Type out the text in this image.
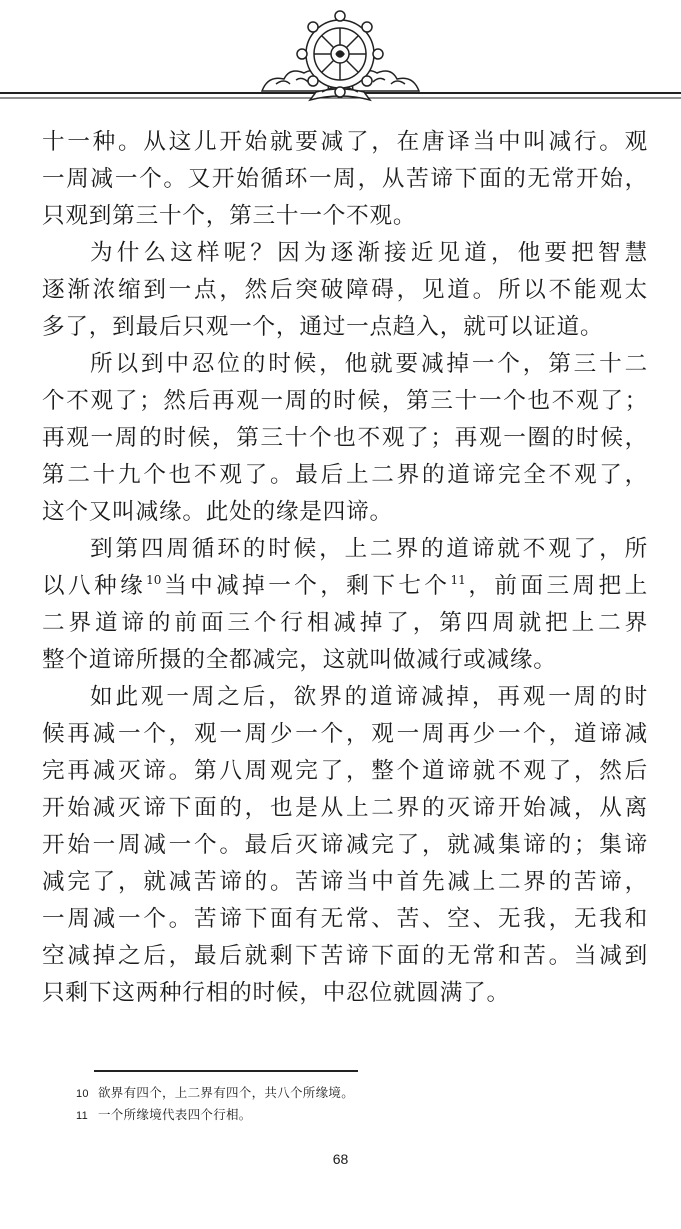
十一种。从这儿开始就要减了，在唐译当中叫减行。观
一周减一个。又开始循环一周，从苦谛下面的无常开始，
只观到第三十个，第三十一个不观。
为什么这样呢？因为逐渐接近见道，他要把智慧
逐渐浓缩到一点，然后突破障碍，见道。所以不能观太
多了，到最后只观一个，通过一点趋入，就可以证道。
所以到中忍位的时候，他就要减掉一个，第三十二
个不观了；然后再观一周的时候，第三十一个也不观了；
再观一周的时候，第三十个也不观了；再观一圈的时候，
第二十九个也不观了。最后上二界的道谛完全不观了，
这个又叫减缘。此处的缘是四谛。
到第四周循环的时候，上二界的道谛就不观了，所
以八种缘$^{10}$当中减掉一个，剩下七个$^{11}$，前面三周把上
二界道谛的前面三个行相减掉了，第四周就把上二界
整个道谛所摄的全都减完，这就叫做减行或减缘。
如此观一周之后，欲界的道谛减掉，再观一周的时
候再减一个，观一周少一个，观一周再少一个，道谛减
完再减灭谛。第八周观完了，整个道谛就不观了，然后
开始减灭谛下面的，也是从上二界的灭谛开始减，从离
开始一周减一个。最后灭谛减完了，就减集谛的；集谛
减完了，就减苦谛的。苦谛当中首先减上二界的苦谛，
一周减一个。苦谛下面有无常、苦、空、无我，无我和
空减掉之后，最后就剩下苦谛下面的无常和苦。当减到
只剩下这两种行相的时候，中忍位就圆满了。
10 欲界有四个，上二界有四个，共八个所缘境。
11 一个所缘境代表四个行相。
68
